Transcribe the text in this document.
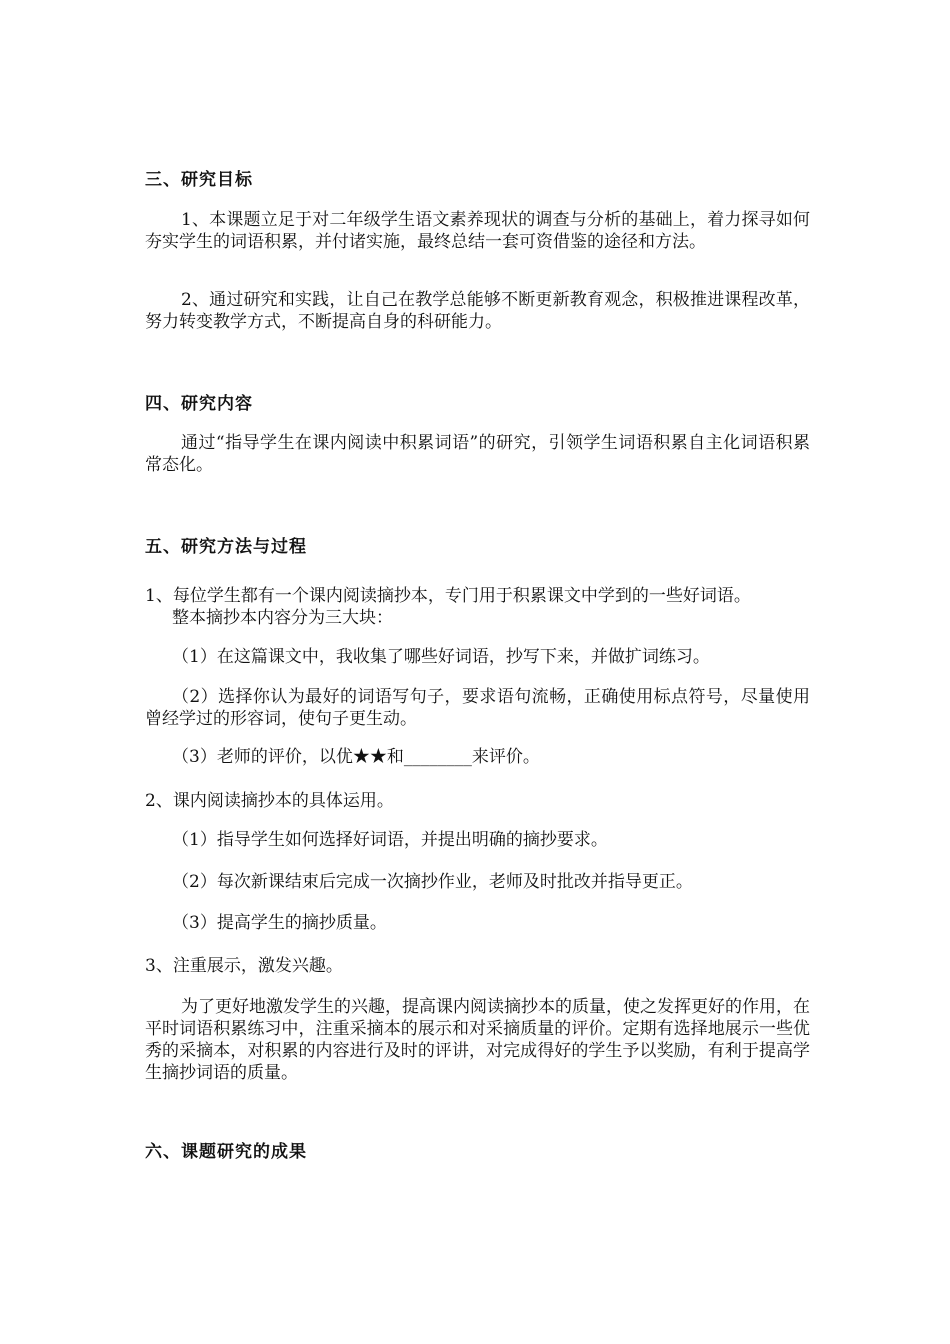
三、研究目标
1、本课题立足于对二年级学生语文素养现状的调查与分析的基础上，着力探寻如何夯实学生的词语积累，并付诸实施，最终总结一套可资借鉴的途径和方法。
2、通过研究和实践，让自己在教学总能够不断更新教育观念，积极推进课程改革，努力转变教学方式，不断提高自身的科研能力。
四、研究内容
通过“指导学生在课内阅读中积累词语”的研究，引领学生词语积累自主化词语积累常态化。
五、研究方法与过程
1、每位学生都有一个课内阅读摘抄本，专门用于积累课文中学到的一些好词语。
整本摘抄本内容分为三大块：
（1）在这篇课文中，我收集了哪些好词语，抄写下来，并做扩词练习。
（2）选择你认为最好的词语写句子，要求语句流畅，正确使用标点符号，尽量使用曾经学过的形容词，使句子更生动。
（3）老师的评价，以优★★和________来评价。
2、课内阅读摘抄本的具体运用。
（1）指导学生如何选择好词语，并提出明确的摘抄要求。
（2）每次新课结束后完成一次摘抄作业，老师及时批改并指导更正。
（3）提高学生的摘抄质量。
3、注重展示，激发兴趣。
为了更好地激发学生的兴趣，提高课内阅读摘抄本的质量，使之发挥更好的作用，在平时词语积累练习中，注重采摘本的展示和对采摘质量的评价。定期有选择地展示一些优秀的采摘本，对积累的内容进行及时的评讲，对完成得好的学生予以奖励，有利于提高学生摘抄词语的质量。
六、课题研究的成果
